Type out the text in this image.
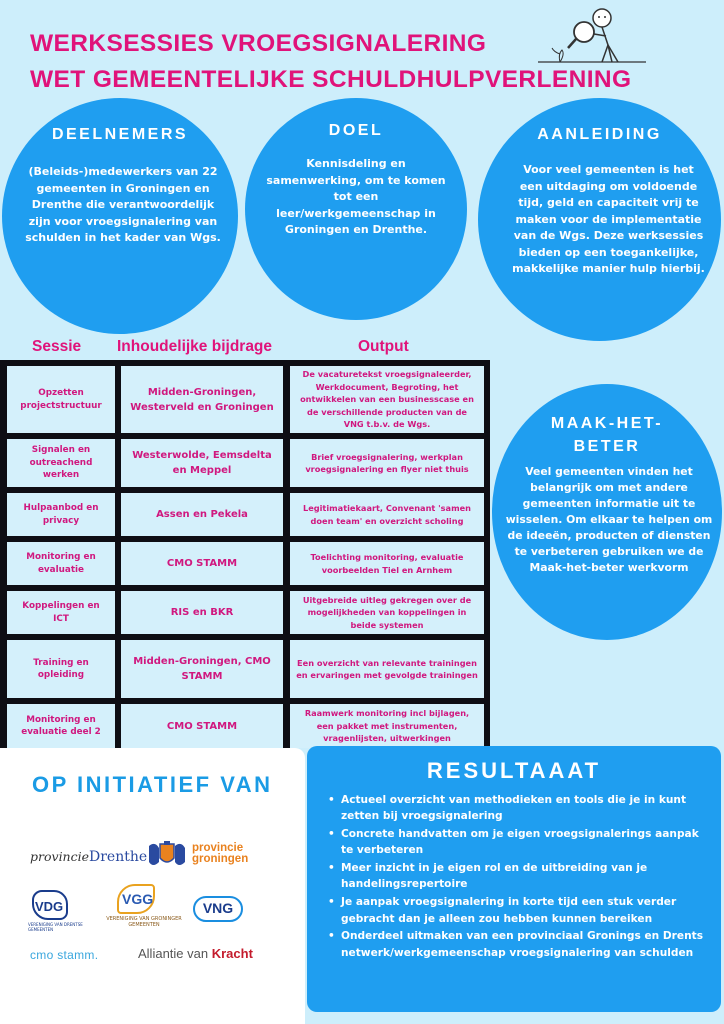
WERKSESSIES VROEGSIGNALERING
WET GEMEENTELIJKE SCHULDHULPVERLENING
DEELNEMERS

(Beleids-)medewerkers van 22 gemeenten in Groningen en Drenthe die verantwoordelijk zijn voor vroegsignalering van schulden in het kader van Wgs.

DOEL

Kennisdeling en samenwerking, om te komen tot een leer/werkgemeenschap in Groningen en Drenthe.

AANLEIDING

Voor veel gemeenten is het een uitdaging om voldoende tijd, geld en capaciteit vrij te maken voor de implementatie van de Wgs. Deze werksessies bieden op een toegankelijke, makkelijke manier hulp hierbij.

MAAK-HET-BETER

Veel gemeenten vinden het belangrijk om met andere gemeenten informatie uit te wisselen. Om elkaar te helpen om de ideeën, producten of diensten te verbeteren gebruiken we de Maak-het-beter werkvorm

Sessie Inhoudelijke bijdrage	Output
Opzetten projectstructuur
Midden-Groningen, Westerveld en Groningen
De vacaturetekst vroegsignaleerder, Werkdocument, Begroting, het ontwikkelen van een businesscase en de verschillende producten van de VNG t.b.v. de Wgs.
Signalen en outreachend werken
Westerwolde, Eemsdelta en Meppel
Brief vroegsignalering, werkplan vroegsignalering en flyer niet thuis
Hulpaanbod en privacy
Assen en Pekela
Legitimatiekaart, Convenant 'samen doen team' en overzicht scholing
Monitoring en evaluatie
CMO STAMM
Toelichting monitoring, evaluatie voorbeelden Tiel en Arnhem
Koppelingen en ICT
RIS en BKR
Uitgebreide uitleg gekregen over de mogelijkheden van koppelingen in beide systemen
Training en opleiding
Midden-Groningen, CMO STAMM
Een overzicht van relevante trainingen en ervaringen met gevolgde trainingen
Monitoring en evaluatie deel 2
CMO STAMM
Raamwerk monitoring incl bijlagen, een pakket met instrumenten, vragenlijsten, uitwerkingen
OP INITIATIEF VAN
provincieDrenthe
provincie
groningen
VDG
VERENIGING VAN DRENTSE GEMEENTEN
VGG
VERENIGING VAN GRONINGER GEMEENTEN
VNG
cmo stamm.	Alliantie van Kracht
RESULTAAAT
• Actueel overzicht van methodieken en tools die je in kunt zetten bij vroegsignalering
• Concrete handvatten om je eigen vroegsignalerings aanpak te verbeteren
• Meer inzicht in je eigen rol en de uitbreiding van je handelingsrepertoire
• Je aanpak vroegsignalering in korte tijd een stuk verder gebracht dan je alleen zou hebben kunnen bereiken
• Onderdeel uitmaken van een provinciaal Gronings en Drents netwerk/werkgemeenschap vroegsignalering van schulden
